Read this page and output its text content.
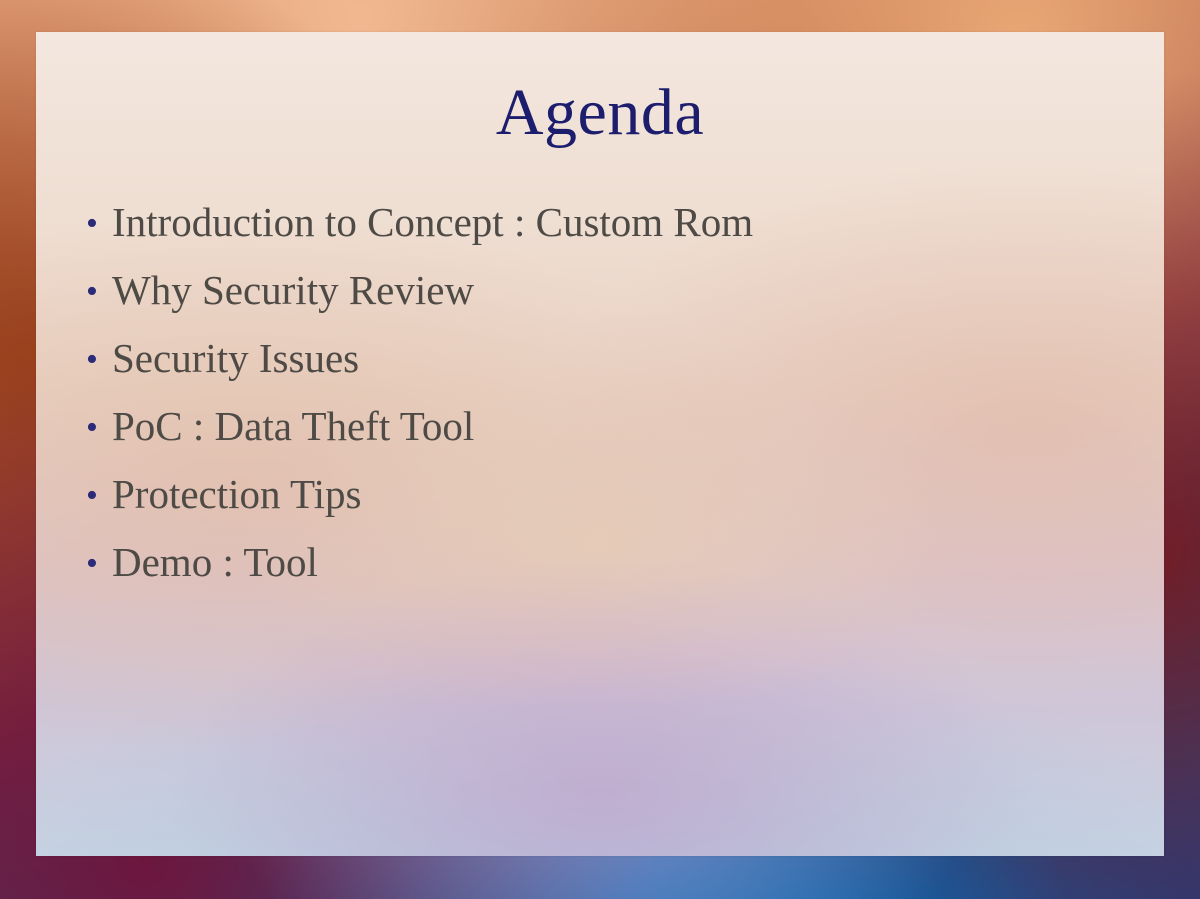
Agenda
• Introduction to Concept : Custom Rom
• Why Security Review
• Security Issues
• PoC : Data Theft Tool
• Protection Tips
• Demo : Tool
